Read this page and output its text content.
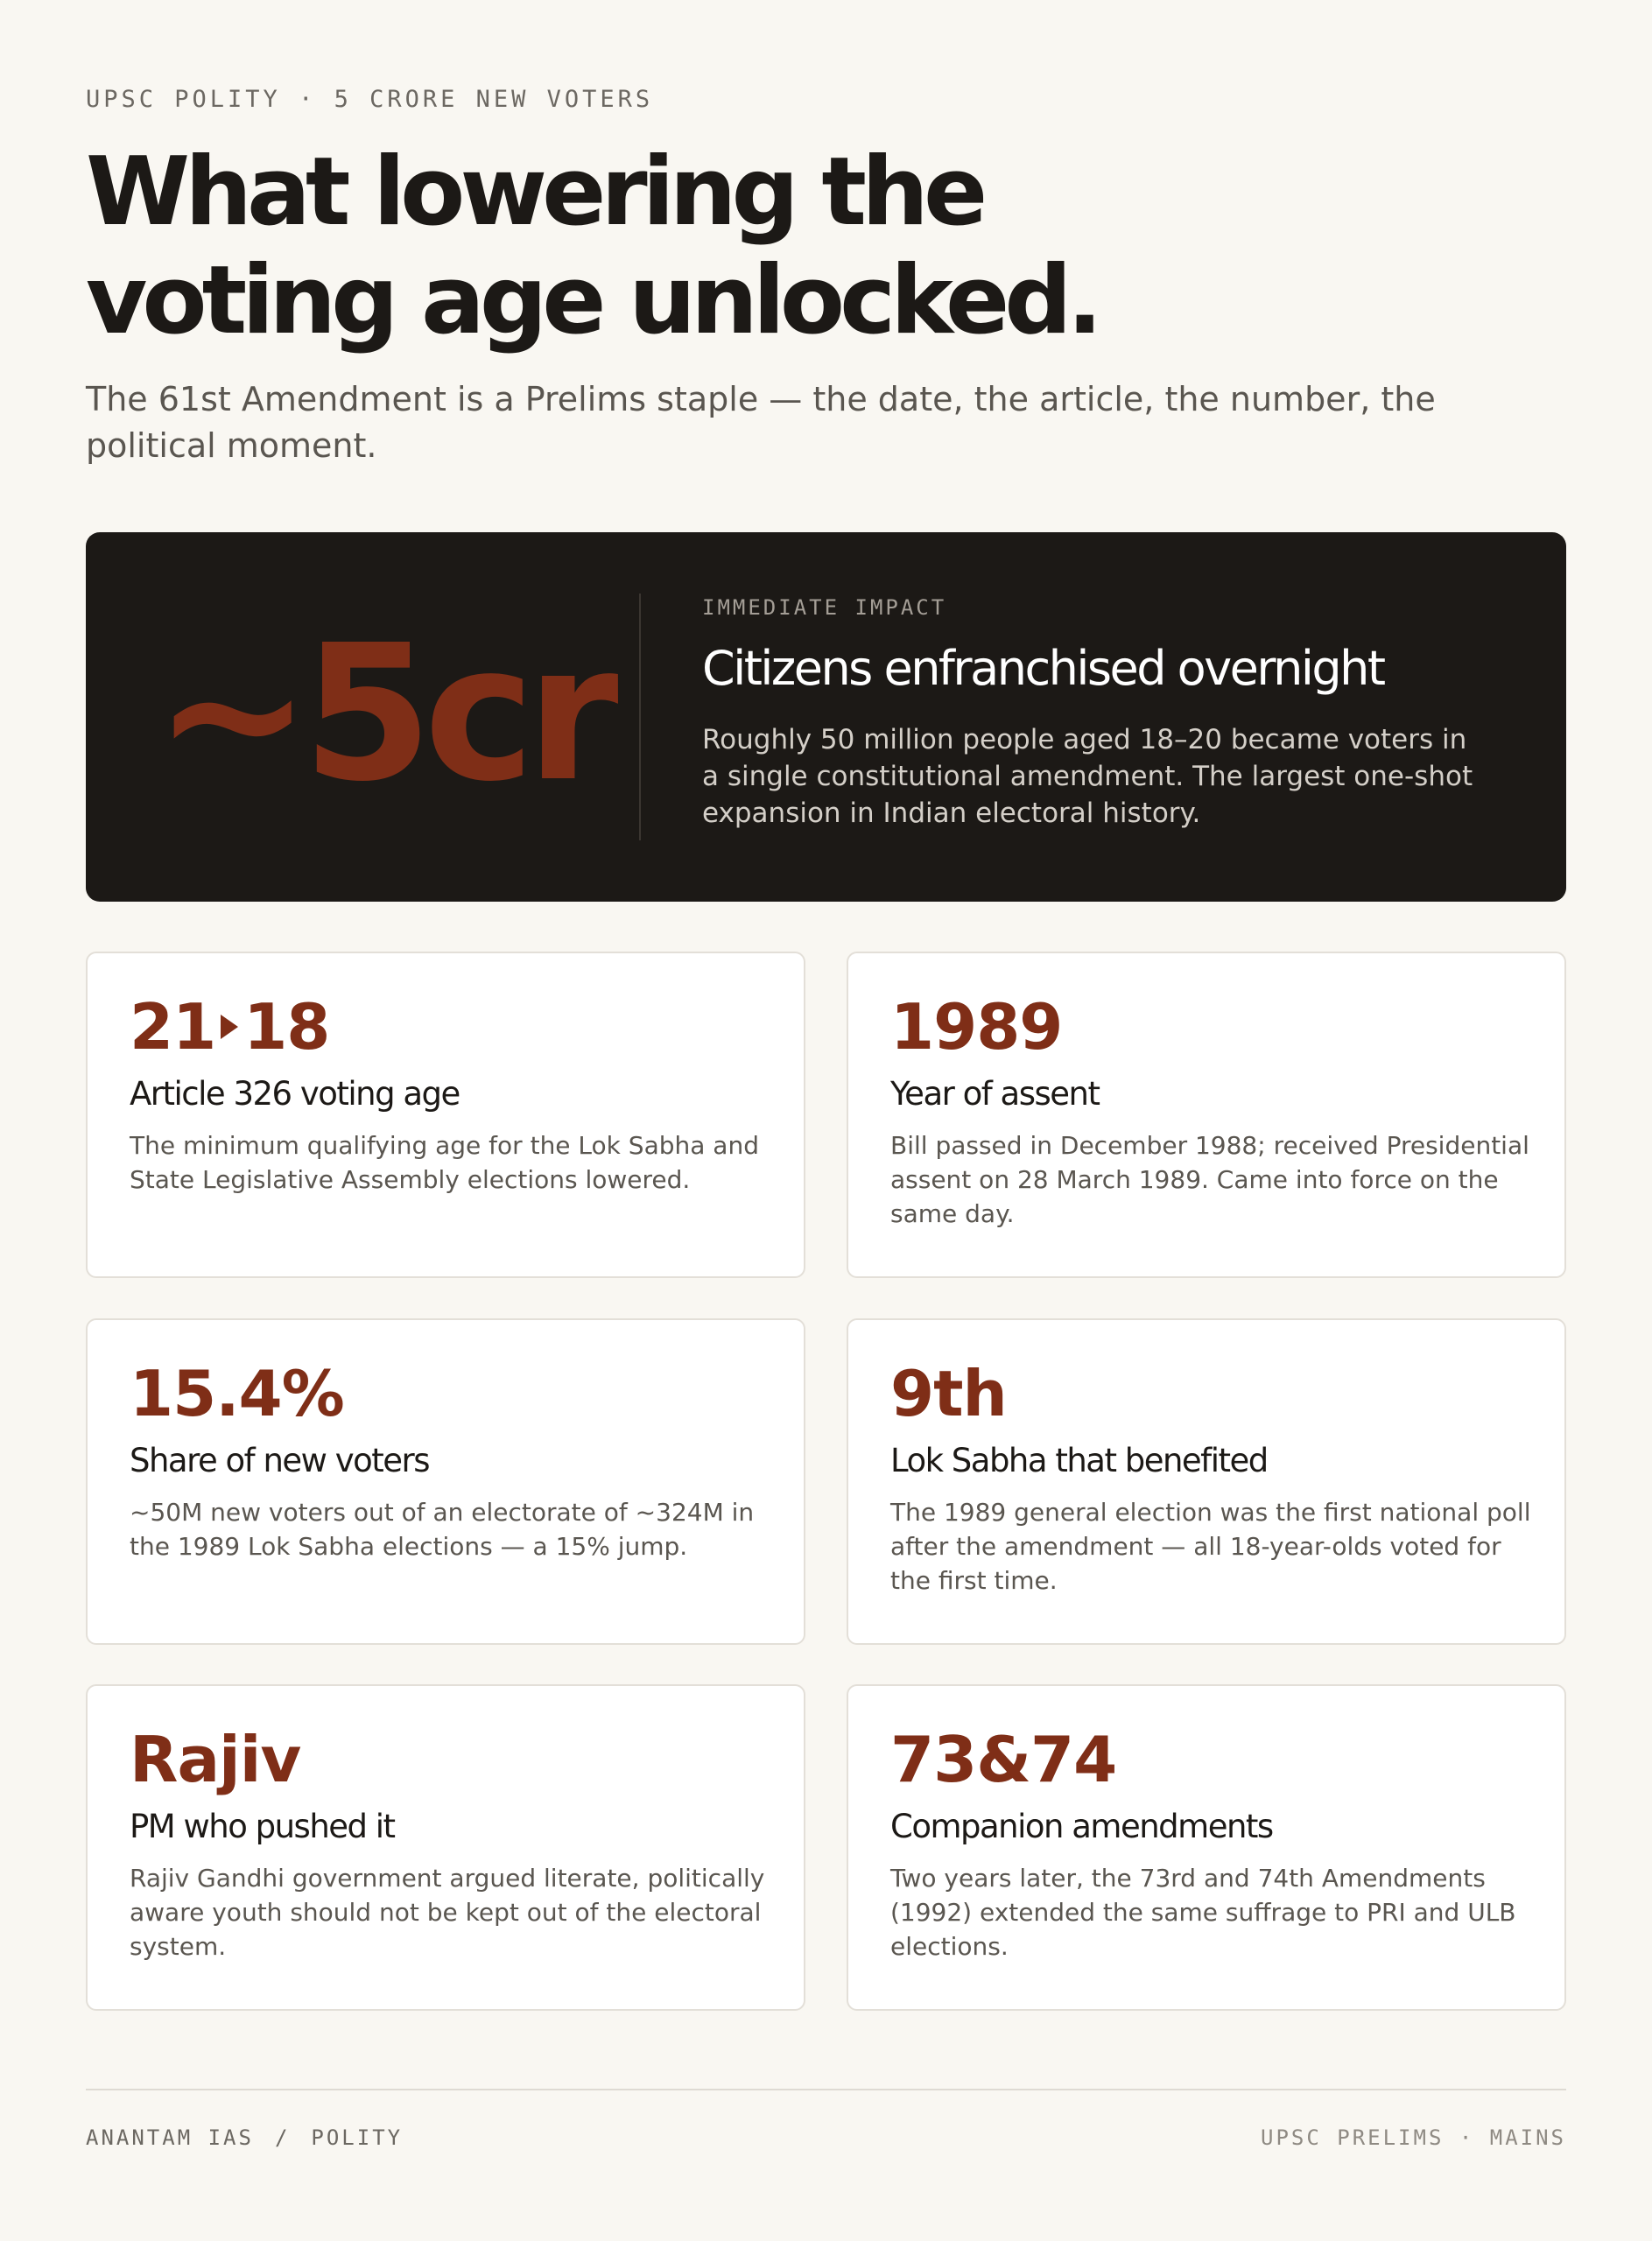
UPSC POLITY · 5 CRORE NEW VOTERS
What lowering the
voting age unlocked.

The 61st Amendment is a Prelims staple — the date, the article, the number, the political moment.

~5cr	IMMEDIATE IMPACT
Citizens enfranchised overnight
Roughly 50 million people aged 18–20 became voters in a single constitutional amendment. The largest one-shot expansion in Indian electoral history.
21 18
Article 326 voting age
The minimum qualifying age for the Lok Sabha and State Legislative Assembly elections lowered.
1989
Year of assent
Bill passed in December 1988; received Presidential assent on 28 March 1989. Came into force on the same day.
15.4%
Share of new voters
~50M new voters out of an electorate of ~324M in the 1989 Lok Sabha elections — a 15% jump.
9th
Lok Sabha that benefited
The 1989 general election was the first national poll after the amendment — all 18-year-olds voted for the first time.
Rajiv
PM who pushed it
Rajiv Gandhi government argued literate, politically aware youth should not be kept out of the electoral system.
73&74
Companion amendments
Two years later, the 73rd and 74th Amendments (1992) extended the same suffrage to PRI and ULB elections.
ANANTAM IAS / POLITY	UPSC PRELIMS · MAINS
